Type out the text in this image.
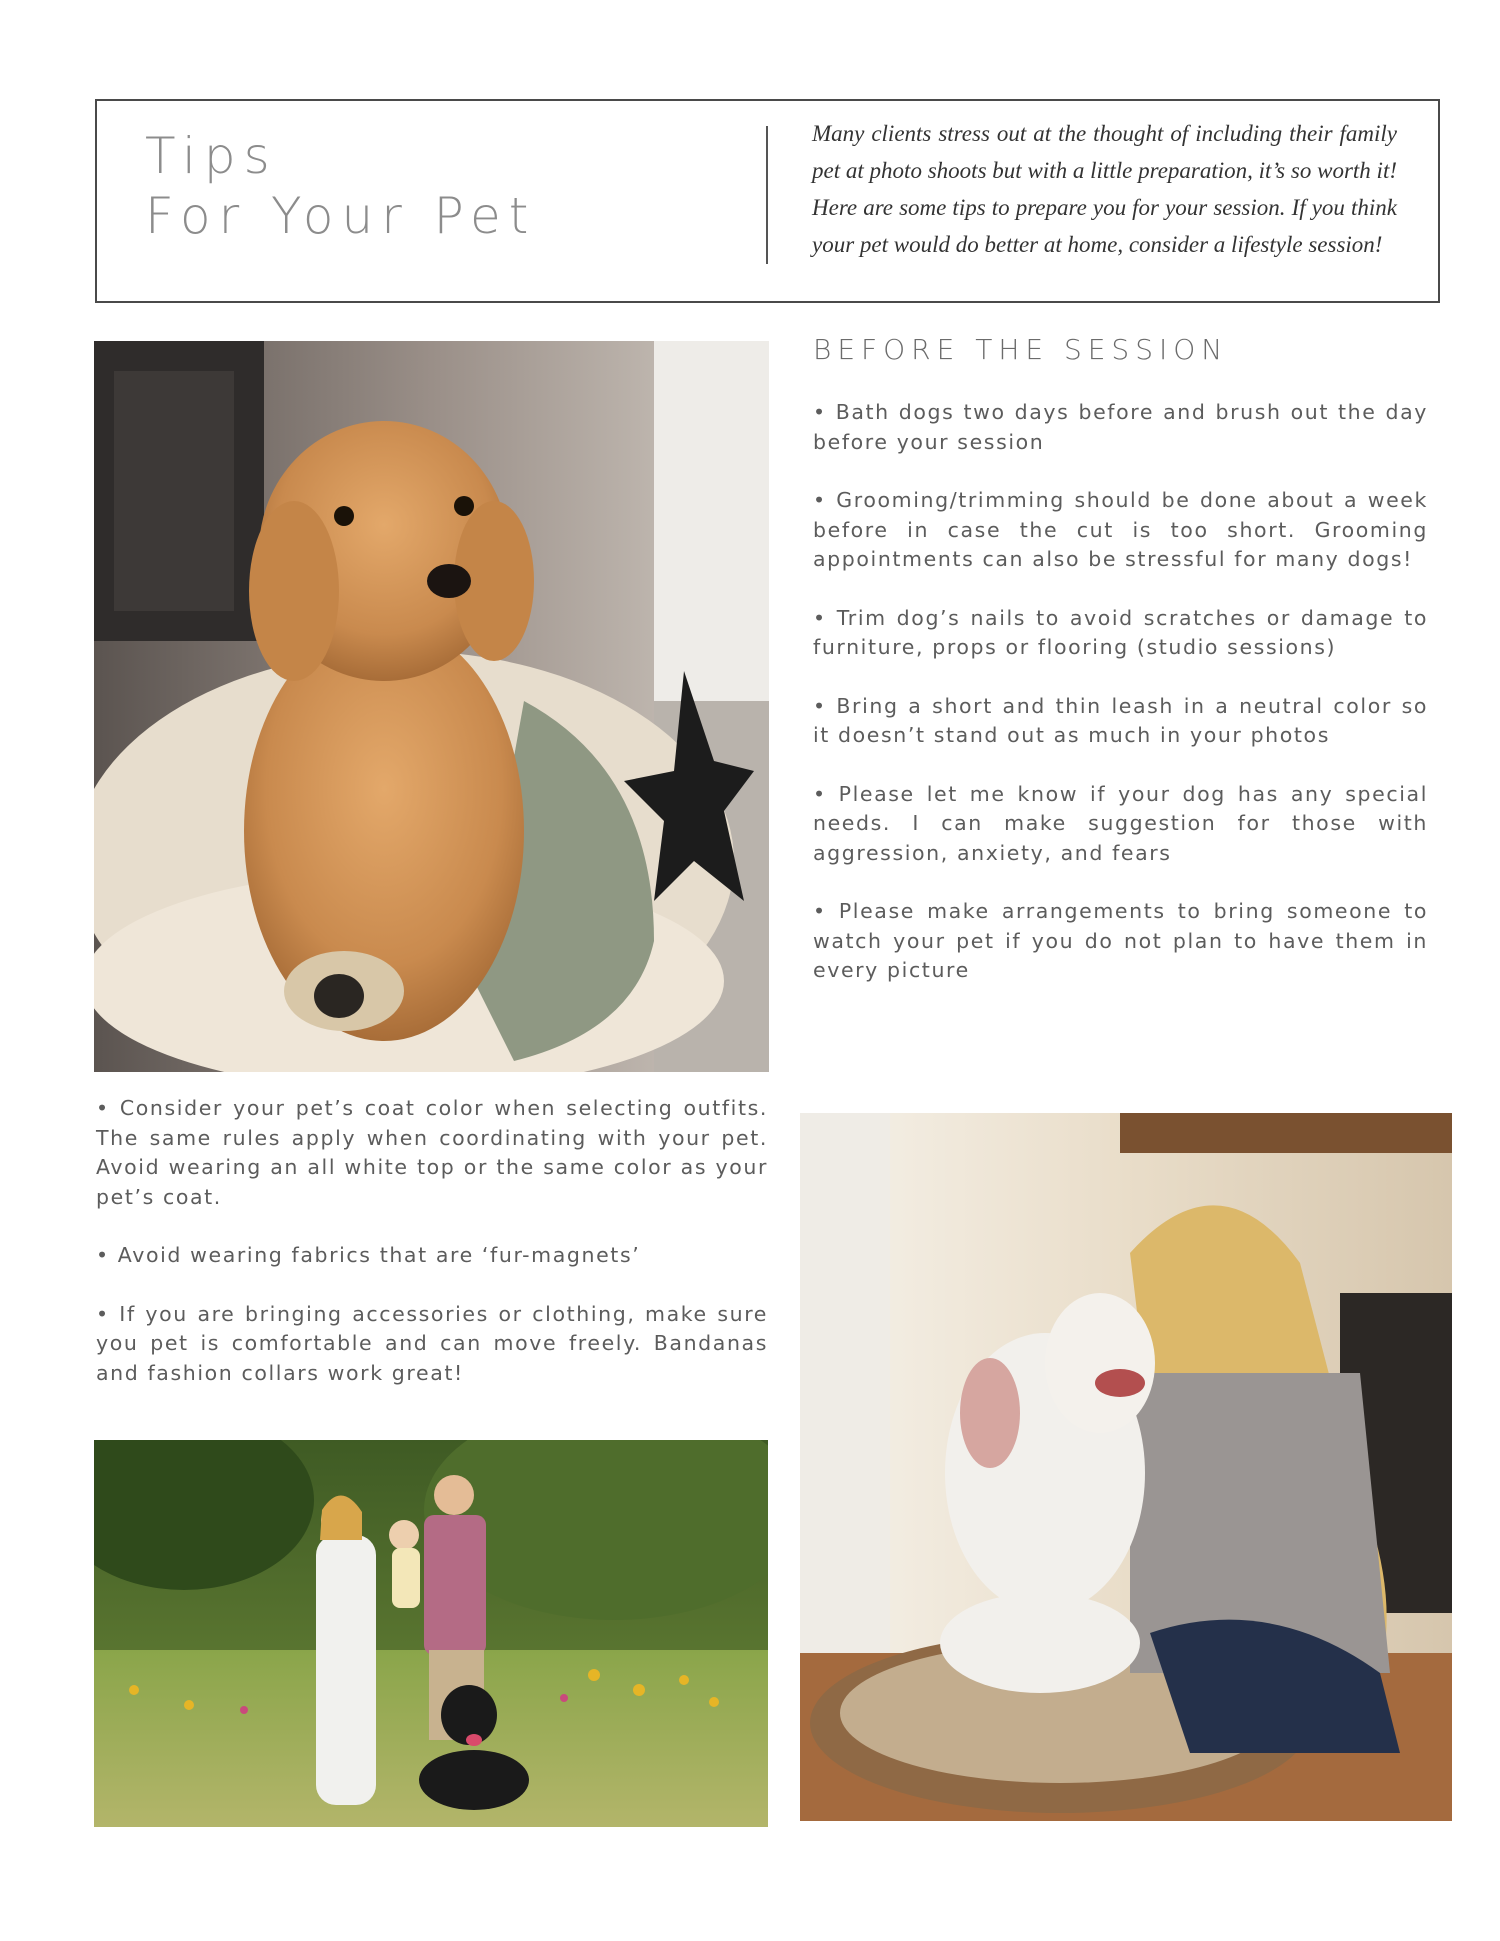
Tips
For Your Pet
Many clients stress out at the thought of including their family pet at photo shoots but with a little preparation, it’s so worth it! Here are some tips to prepare you for your session. If you think your pet would do better at home, consider a lifestyle session!
BEFORE THE SESSION

• Bath dogs two days before and brush out the day before your session

• Grooming/trimming should be done about a week before in case the cut is too short. Grooming appointments can also be stressful for many dogs!

• Trim dog’s nails to avoid scratches or damage to furniture, props or flooring (studio sessions)

• Bring a short and thin leash in a neutral color so it doesn’t stand out as much in your photos

• Please let me know if your dog has any special needs. I can make suggestion for those with aggression, anxiety, and fears

• Please make arrangements to bring someone to watch your pet if you do not plan to have them in every picture

• Consider your pet’s coat color when selecting outfits. The same rules apply when coordinating with your pet. Avoid wearing an all white top or the same color as your pet’s coat.

• Avoid wearing fabrics that are ‘fur-magnets’

• If you are bringing accessories or clothing, make sure you pet is comfortable and can move freely. Bandanas and fashion collars work great!
